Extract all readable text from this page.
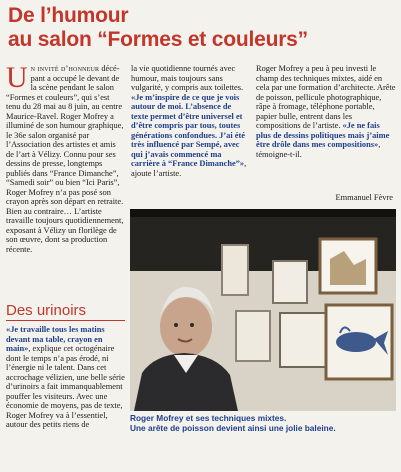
De l’humour
au salon “Formes et couleurs”

Un invité d’honneur décépant a occupé le devant de la scène pendant le salon “Formes et couleurs”, qui s’est tenu du 28 mai au 8 juin, au centre Maurice-Ravel. Roger Mofrey a illuminé de son humour graphique, le 36e salon organisé par l’Association des artistes et amis de l’art à Vélizy. Connu pour ses dessins de presse, longtemps publiés dans “France Dimanche”, “Samedi soir” ou bien “Ici Paris”, Roger Mofrey n’a pas posé son crayon après son départ en retraite. Bien au contraire… L’artiste travaille toujours quotidiennement, exposant à Vélizy un florilège de son œuvre, dont sa production récente.

Des urinoirs

«Je travaille tous les matins devant ma table, crayon en main», explique cet octogénaire dont le temps n’a pas érodé, ni l’énergie ni le talent. Dans cet accrochage vélizien, une belle série d’urinoirs a fait immanquablement pouffer les visiteurs. Avec une économie de moyens, pas de texte, Roger Mofrey va à l’essentiel, autour des petits riens de

la vie quotidienne tournés avec humour, mais toujours sans vulgarité, y compris aux toilettes.

«Je m’inspire de ce que je vois autour de moi. L’absence de texte permet d’être universel et d’être compris par tous, toutes générations confondues. J’ai été très influencé par Sempé, avec qui j’avais commencé ma carrière à “France Dimanche”», ajoute l’artiste.

Roger Mofrey a peu à peu investi le champ des techniques mixtes, aidé en cela par une formation d’architecte. Arête de poisson, pellicule photographique, râpe à fromage, téléphone portable, papier bulle, entrent dans les compositions de l’artiste. «Je ne fais plus de dessins politiques mais j’aime être drôle dans mes compositions», témoigne-t-il.

Emmanuel Fèvre

Roger Mofrey et ses techniques mixtes.
Une arête de poisson devient ainsi une jolie baleine.
